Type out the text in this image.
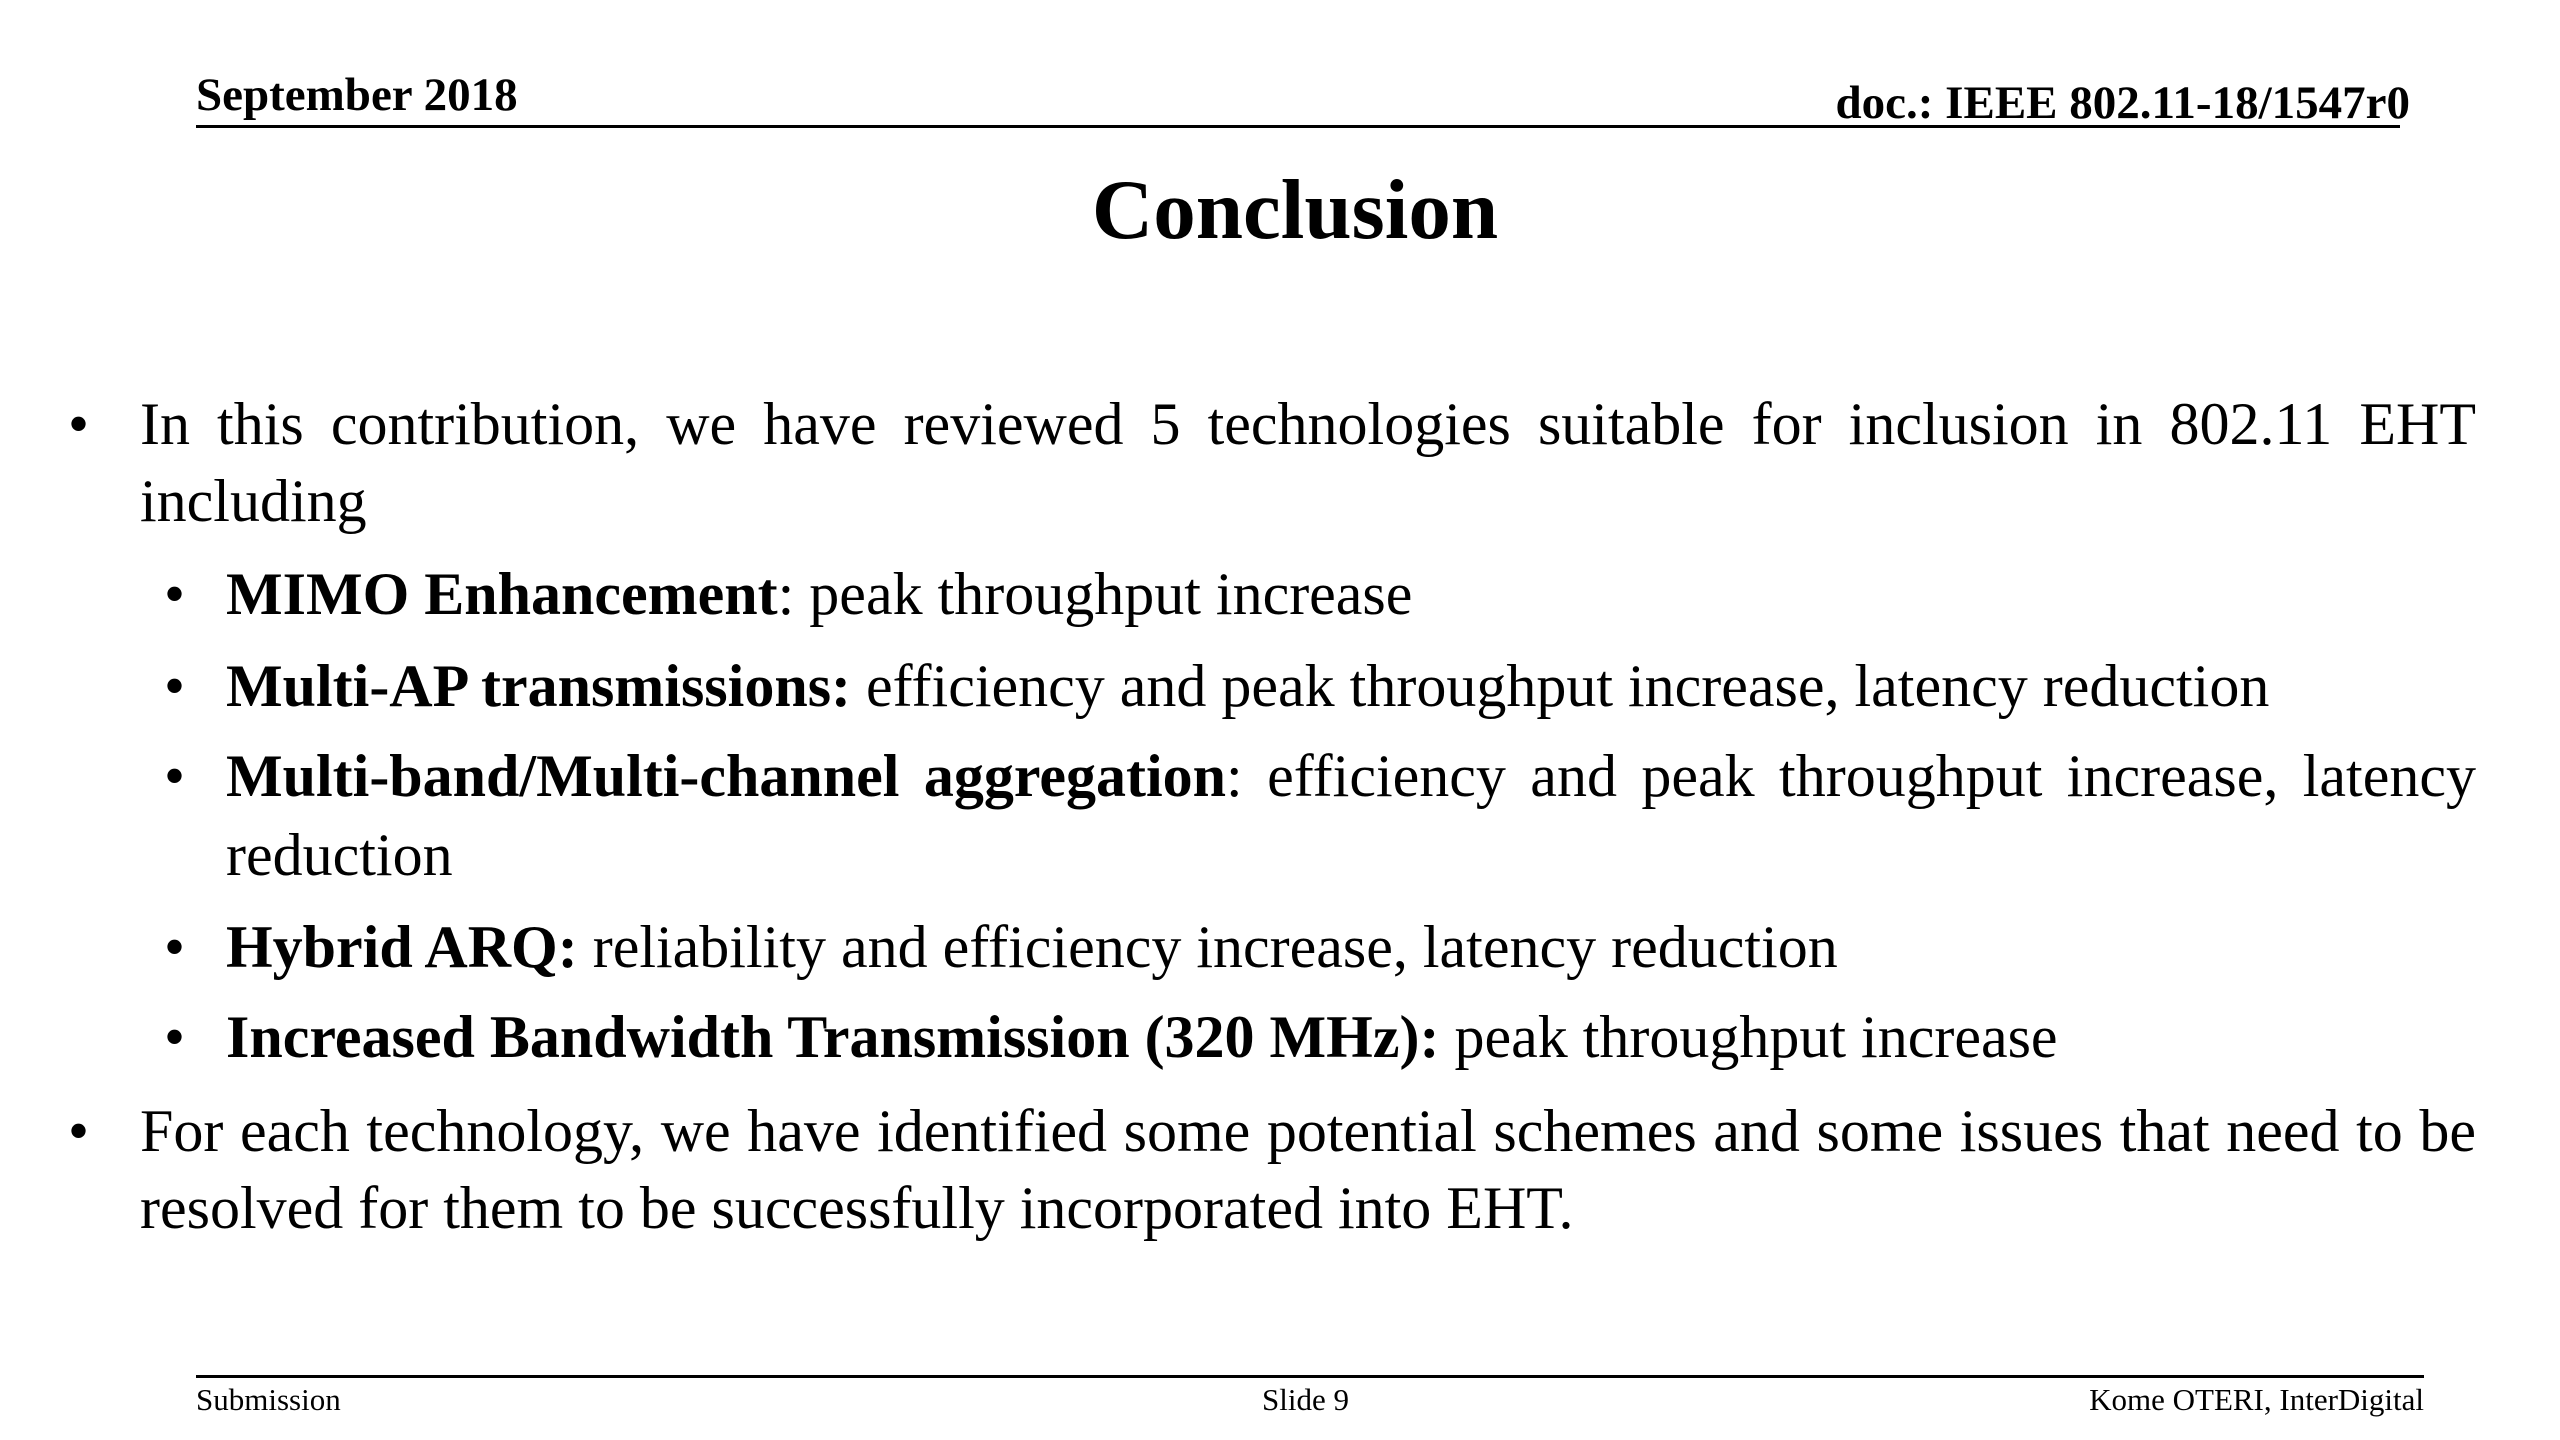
September 2018	doc.: IEEE 802.11-18/1547r0
Conclusion
• In this contribution, we have reviewed 5 technologies suitable for inclusion in 802.11 EHT including
• MIMO Enhancement: peak throughput increase
• Multi-AP transmissions: efficiency and peak throughput increase, latency reduction
• Multi-band/Multi-channel aggregation: efficiency and peak throughput increase, latency reduction
• Hybrid ARQ: reliability and efficiency increase, latency reduction
• Increased Bandwidth Transmission (320 MHz): peak throughput increase
• For each technology, we have identified some potential schemes and some issues that need to be resolved for them to be successfully incorporated into EHT.
Submission	Slide 9	Kome OTERI, InterDigital
